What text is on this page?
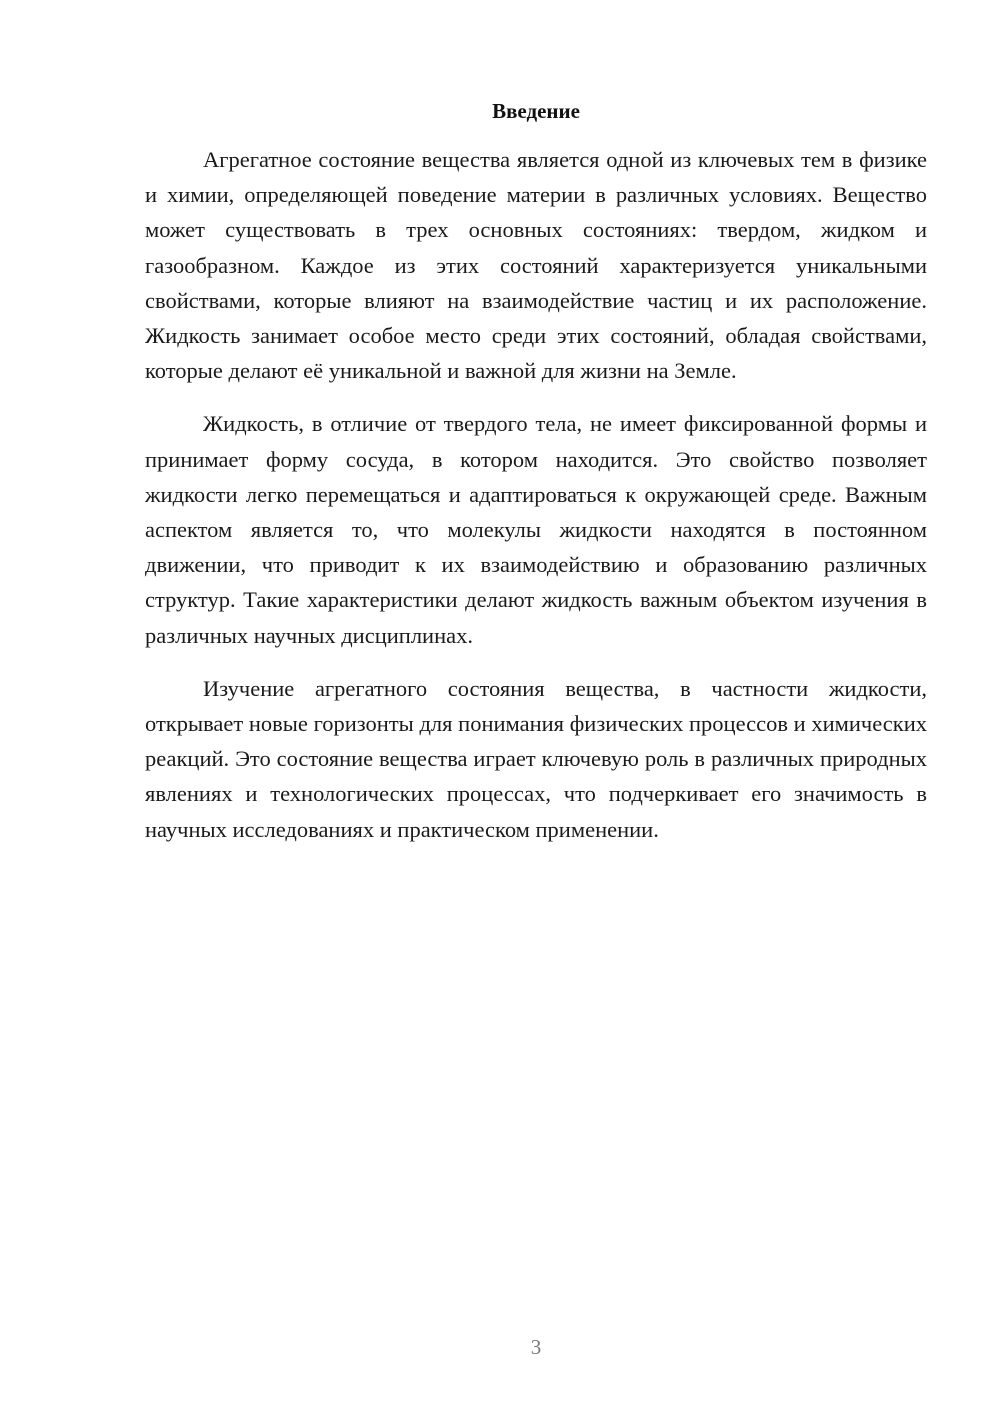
Введение

Агрегатное состояние вещества является одной из ключевых тем в физике и химии, определяющей поведение материи в различных условиях. Вещество может существовать в трех основных состояниях: твердом, жидком и газообразном. Каждое из этих состояний характеризуется уникальными свойствами, которые влияют на взаимодействие частиц и их расположение. Жидкость занимает особое место среди этих состояний, обладая свойствами, которые делают её уникальной и важной для жизни на Земле.

Жидкость, в отличие от твердого тела, не имеет фиксированной формы и принимает форму сосуда, в котором находится. Это свойство позволяет жидкости легко перемещаться и адаптироваться к окружающей среде. Важным аспектом является то, что молекулы жидкости находятся в постоянном движении, что приводит к их взаимодействию и образованию различных структур. Такие характеристики делают жидкость важным объектом изучения в различных научных дисциплинах.

Изучение агрегатного состояния вещества, в частности жидкости, открывает новые горизонты для понимания физических процессов и химических реакций. Это состояние вещества играет ключевую роль в различных природных явлениях и технологических процессах, что подчеркивает его значимость в научных исследованиях и практическом применении.

3
